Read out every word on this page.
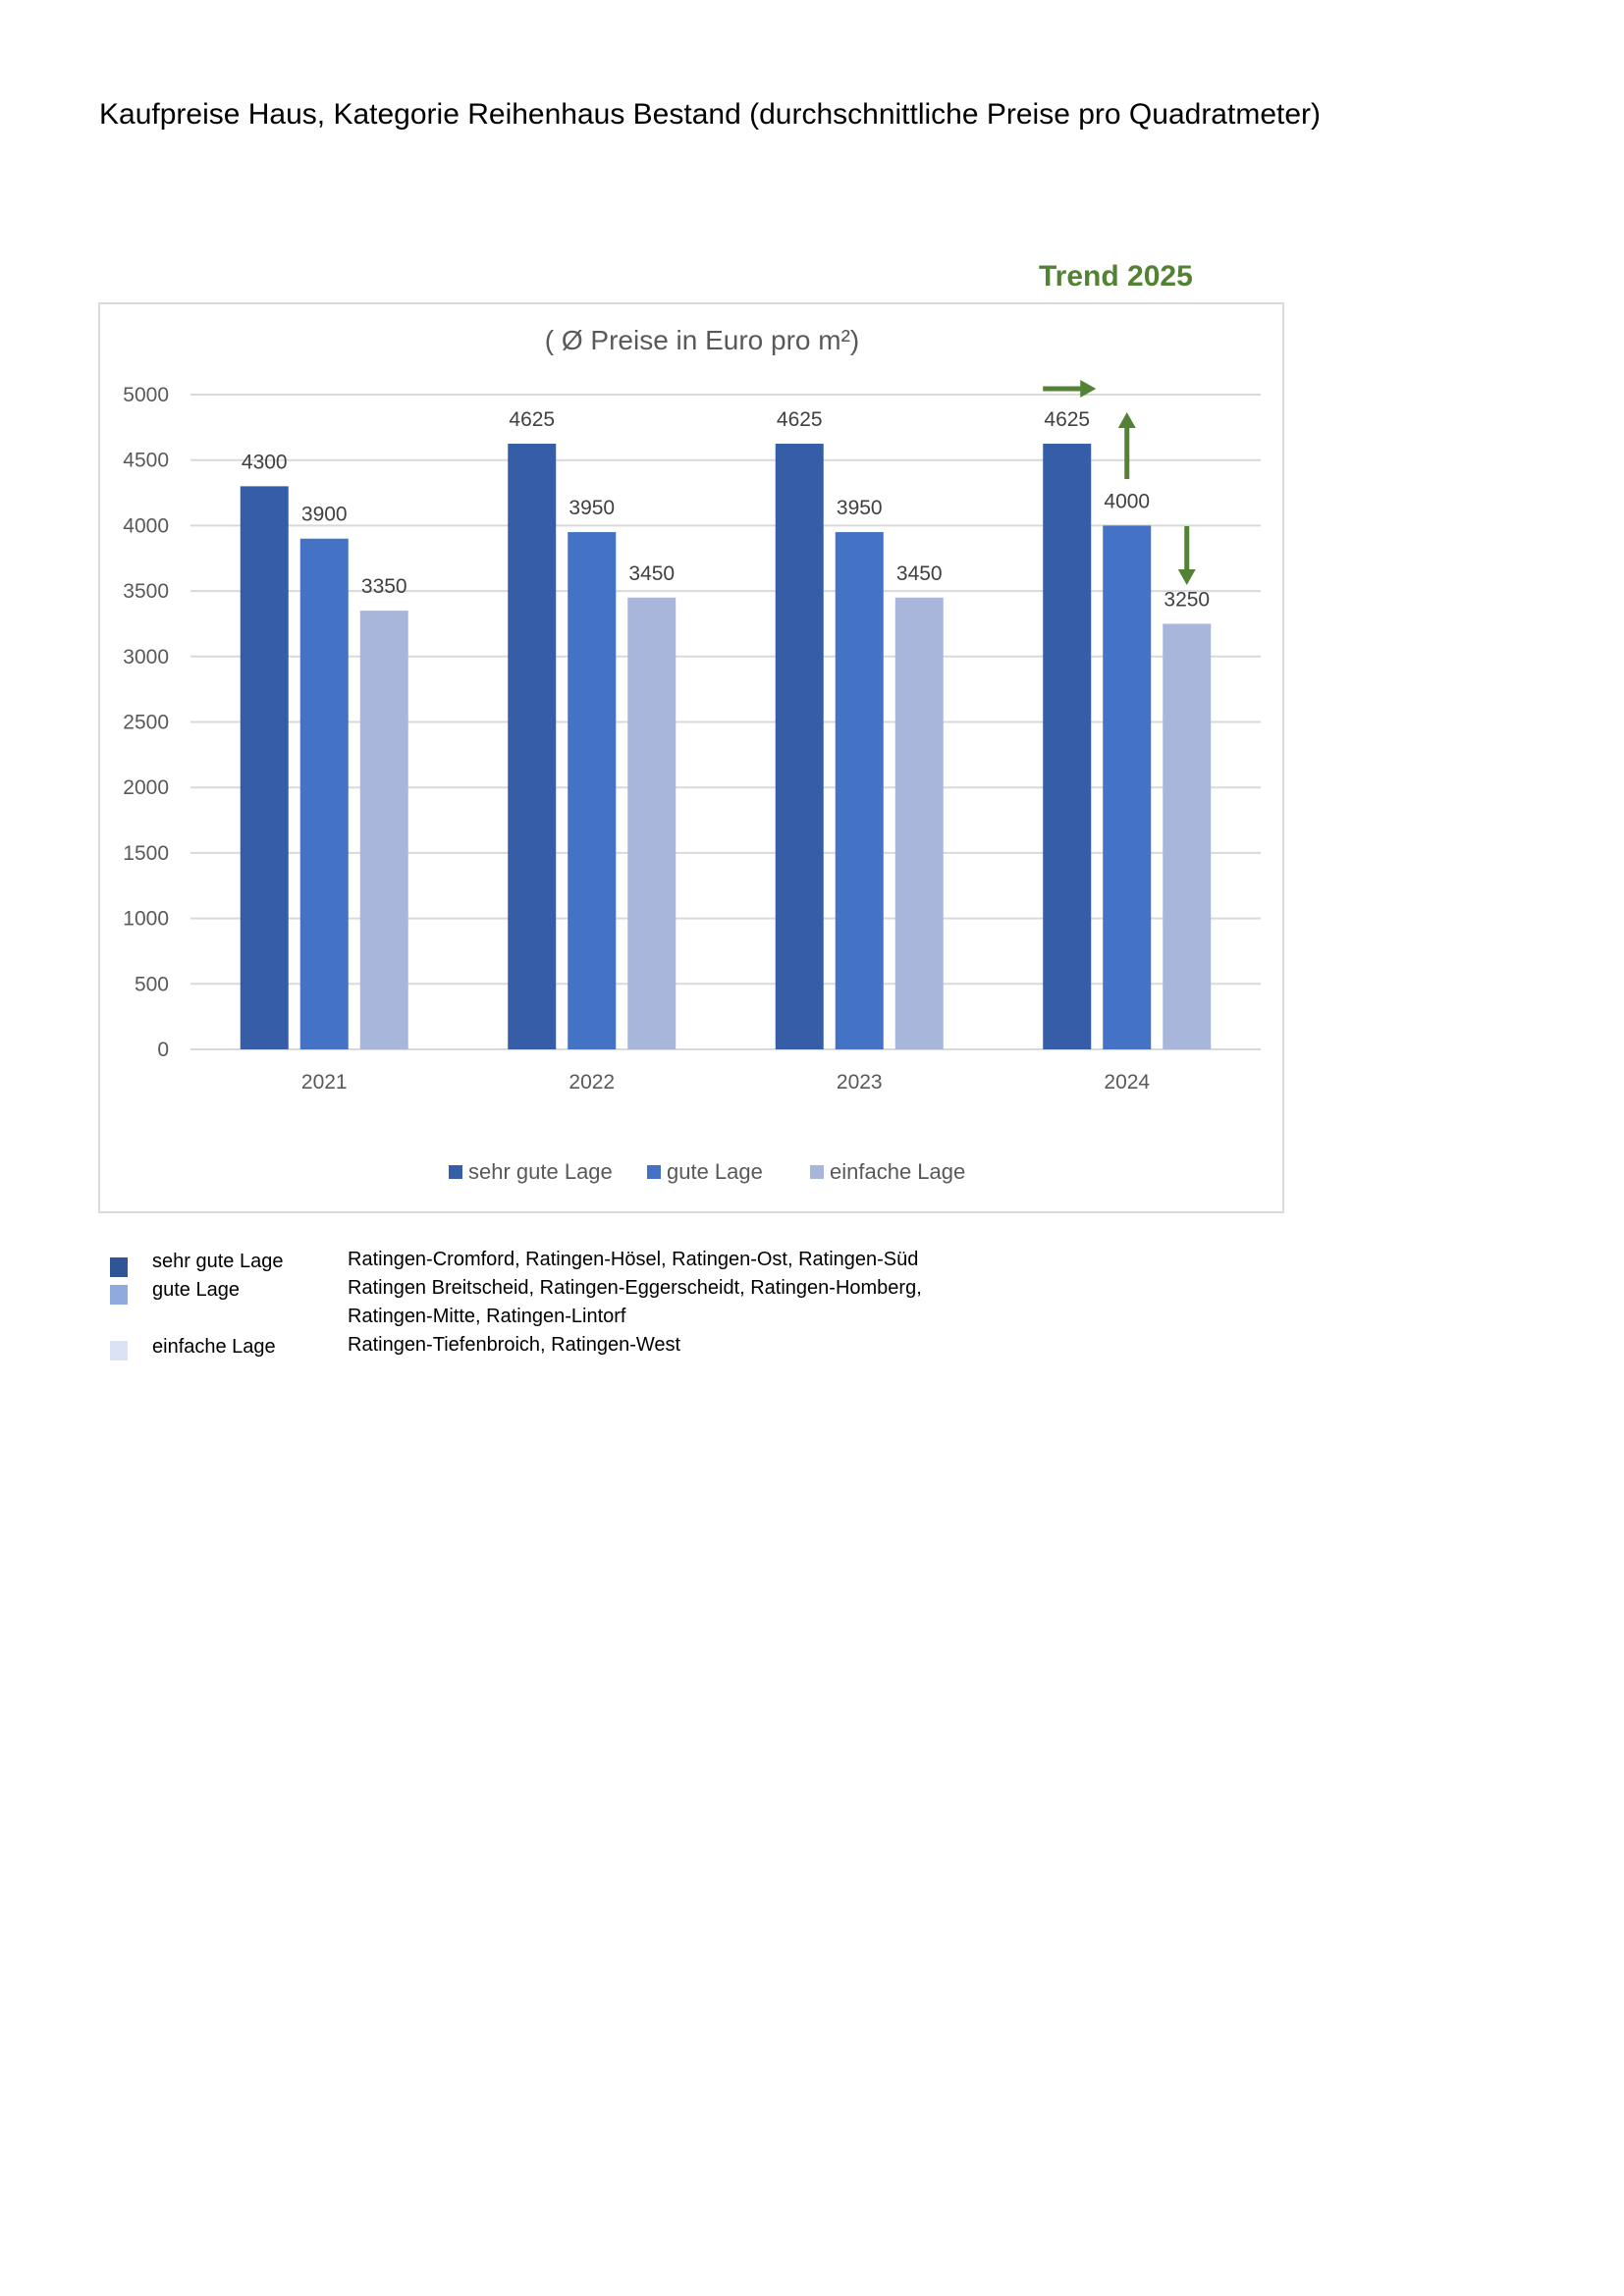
Kaufpreise Haus, Kategorie Reihenhaus Bestand (durchschnittliche Preise pro Quadratmeter)
Trend 2025
( Ø Preise in Euro pro m²)
0
500
1000
1500
2000
2500
3000
3500
4000
4500
5000
4300
3900
3350
2021
4625
3950
3450
2022
4625
3950
3450
2023
4625
4000
3250
2024
sehr gute Lage	gute Lage	einfache Lage
sehr gute Lage	Ratingen-Cromford, Ratingen-Hösel, Ratingen-Ost, Ratingen-Süd
gute Lage	Ratingen Breitscheid, Ratingen-Eggerscheidt, Ratingen-Homberg,
Ratingen-Mitte, Ratingen-Lintorf
einfache Lage	Ratingen-Tiefenbroich, Ratingen-West
